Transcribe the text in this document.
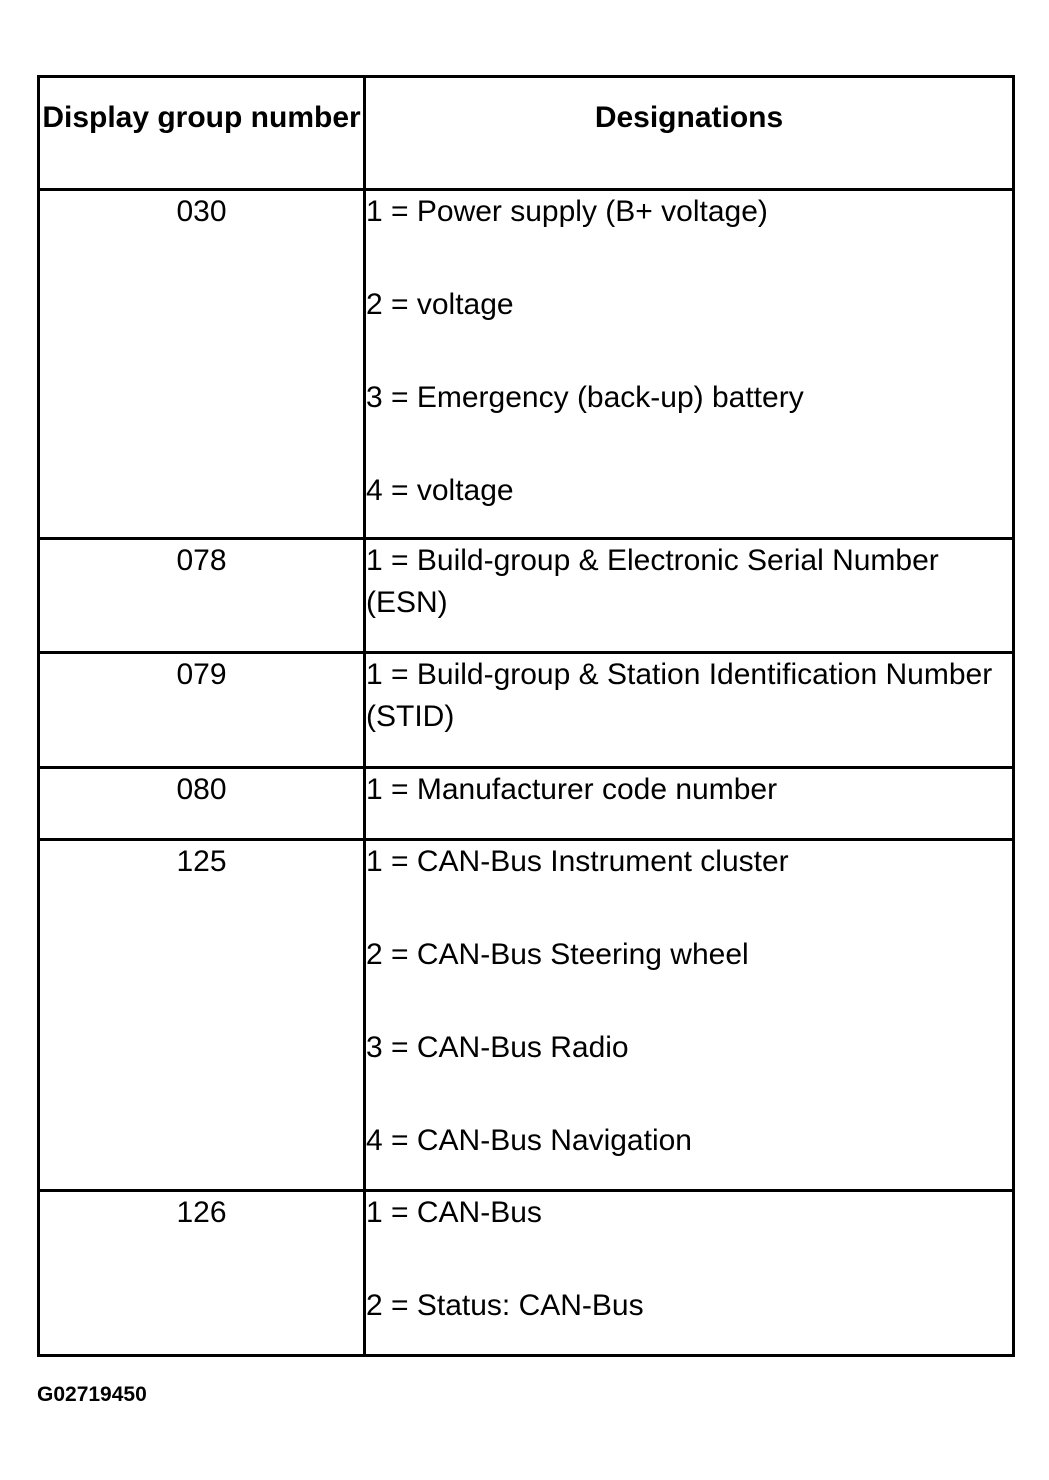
Display group number	Designations
030	1 = Power supply (B+ voltage)
2 = voltage
3 = Emergency (back-up) battery
4 = voltage

078	1 = Build-group & Electronic Serial Number (ESN)

079	1 = Build-group & Station Identification Number (STID)

080	1 = Manufacturer code number

125	1 = CAN-Bus Instrument cluster
2 = CAN-Bus Steering wheel
3 = CAN-Bus Radio
4 = CAN-Bus Navigation

126	1 = CAN-Bus
2 = Status: CAN-Bus
G02719450
